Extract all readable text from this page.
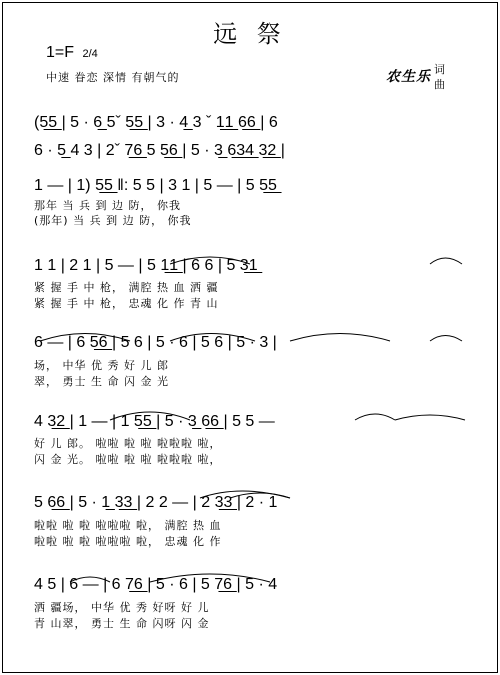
远 祭
1=F 2/4
中速 眷恋 深情 有朝气的	农生乐 词
曲
(5̲5̲ | 5 · 6̲ 5ˇ 5̲5̲ | 3 · 4̲ 3 ˇ 1̲1̲ 6̲6̲ | 6
6 · 5̲ 4 3 | 2ˇ 7̲6̲ 5 5̲6̲ | 5 · 3̲ 6̲3̲4̲ 3̲2̲ |
1 — | 1) 5̲5̲ ‖: 5 5 | 3 1 | 5 — | 5 5̲5̲
那年 当 兵 到 边 防， 你我
(那年) 当 兵 到 边 防， 你我
1 1 | 2 1 | 5 — | 5 1̲1̲ | 6 6 | 5 3̲1̲
紧 握 手 中 枪， 满腔 热 血 洒 疆
紧 握 手 中 枪， 忠魂 化 作 青 山
6 — | 6 5̲6̲ | 5 6 | 5 · 6 | 5 6 | 5 · 3 |
场， 中华 优 秀 好 儿 郎
翠， 勇士 生 命 闪 金 光
4 3̲2̲ | 1 — | 1 5̲5̲ | 5 · 3̲ 6̲6̲ | 5 5 —
好 儿 郎。 啦啦 啦 啦 啦啦啦 啦，
闪 金 光。 啦啦 啦 啦 啦啦啦 啦，
5 6̲6̲ | 5 · 1̲ 3̲3̲ | 2 2 — | 2 3̲3̲ | 2 · 1
啦啦 啦 啦 啦啦啦 啦， 满腔 热 血
啦啦 啦 啦 啦啦啦 啦， 忠魂 化 作
4 5 | 6 — | 6 7̲6̲ | 5 · 6 | 5 7̲6̲ | 5 · 4
洒 疆场， 中华 优 秀 好呀 好 儿
青 山翠， 勇士 生 命 闪呀 闪 金
